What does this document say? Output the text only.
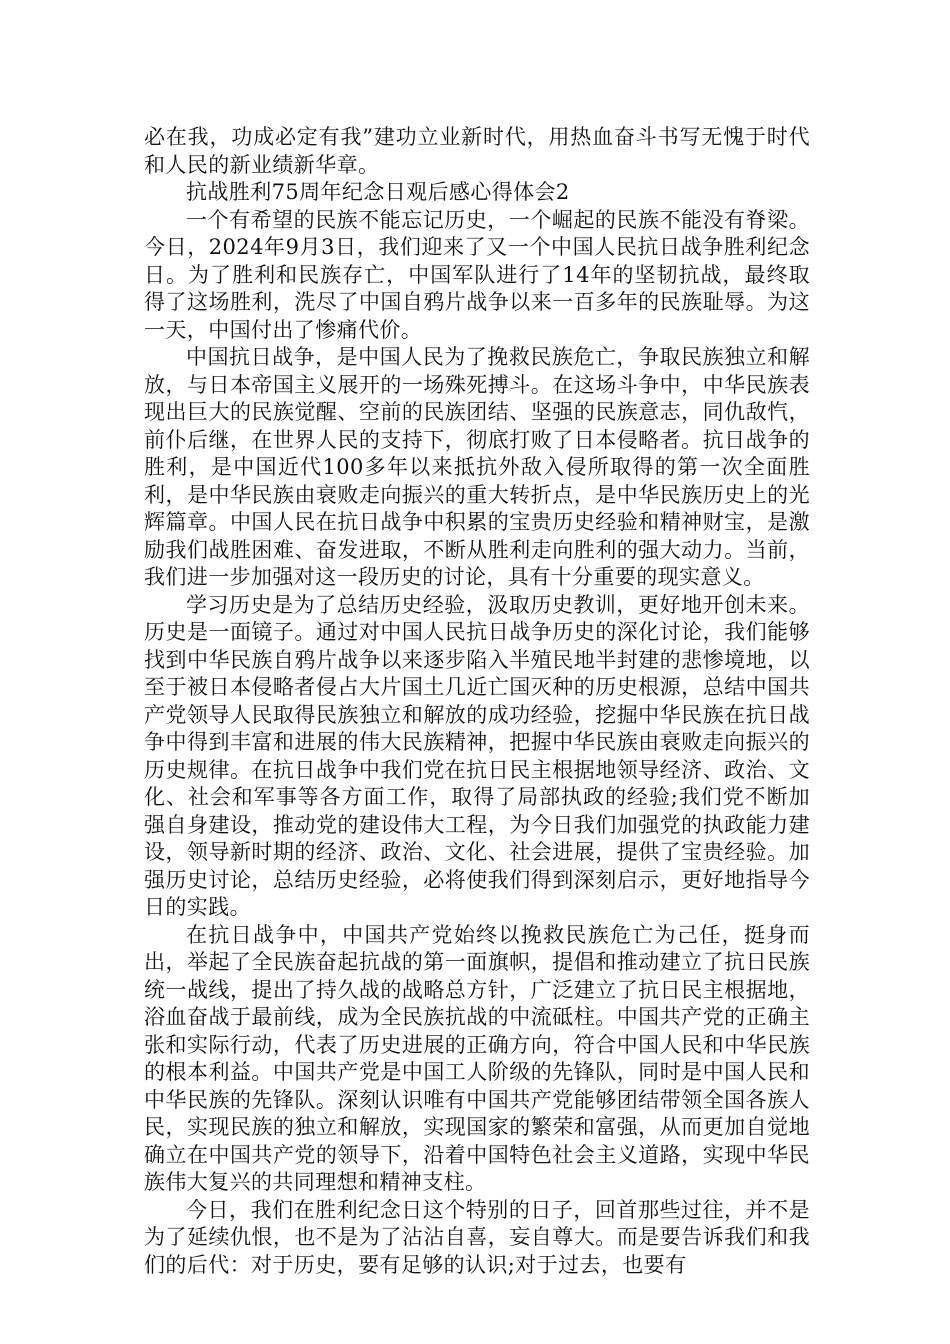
必在我，功成必定有我”建功立业新时代，用热血奋斗书写无愧于时代和人民的新业绩新华章。

抗战胜利75周年纪念日观后感心得体会2

一个有希望的民族不能忘记历史，一个崛起的民族不能没有脊梁。今日，2024年9月3日，我们迎来了又一个中国人民抗日战争胜利纪念日。为了胜利和民族存亡，中国军队进行了14年的坚韧抗战，最终取得了这场胜利，洗尽了中国自鸦片战争以来一百多年的民族耻辱。为这一天，中国付出了惨痛代价。

中国抗日战争，是中国人民为了挽救民族危亡，争取民族独立和解放，与日本帝国主义展开的一场殊死搏斗。在这场斗争中，中华民族表现出巨大的民族觉醒、空前的民族团结、坚强的民族意志，同仇敌忾，前仆后继，在世界人民的支持下，彻底打败了日本侵略者。抗日战争的胜利，是中国近代100多年以来抵抗外敌入侵所取得的第一次全面胜利，是中华民族由衰败走向振兴的重大转折点，是中华民族历史上的光辉篇章。中国人民在抗日战争中积累的宝贵历史经验和精神财宝，是激励我们战胜困难、奋发进取，不断从胜利走向胜利的强大动力。当前，我们进一步加强对这一段历史的讨论，具有十分重要的现实意义。

学习历史是为了总结历史经验，汲取历史教训，更好地开创未来。历史是一面镜子。通过对中国人民抗日战争历史的深化讨论，我们能够找到中华民族自鸦片战争以来逐步陷入半殖民地半封建的悲惨境地，以至于被日本侵略者侵占大片国土几近亡国灭种的历史根源，总结中国共产党领导人民取得民族独立和解放的成功经验，挖掘中华民族在抗日战争中得到丰富和进展的伟大民族精神，把握中华民族由衰败走向振兴的历史规律。在抗日战争中我们党在抗日民主根据地领导经济、政治、文化、社会和军事等各方面工作，取得了局部执政的经验;我们党不断加强自身建设，推动党的建设伟大工程，为今日我们加强党的执政能力建设，领导新时期的经济、政治、文化、社会进展，提供了宝贵经验。加强历史讨论，总结历史经验，必将使我们得到深刻启示，更好地指导今日的实践。

在抗日战争中，中国共产党始终以挽救民族危亡为己任，挺身而出，举起了全民族奋起抗战的第一面旗帜，提倡和推动建立了抗日民族统一战线，提出了持久战的战略总方针，广泛建立了抗日民主根据地，浴血奋战于最前线，成为全民族抗战的中流砥柱。中国共产党的正确主张和实际行动，代表了历史进展的正确方向，符合中国人民和中华民族的根本利益。中国共产党是中国工人阶级的先锋队，同时是中国人民和中华民族的先锋队。深刻认识唯有中国共产党能够团结带领全国各族人民，实现民族的独立和解放，实现国家的繁荣和富强，从而更加自觉地确立在中国共产党的领导下，沿着中国特色社会主义道路，实现中华民族伟大复兴的共同理想和精神支柱。

今日，我们在胜利纪念日这个特别的日子，回首那些过往，并不是为了延续仇恨，也不是为了沾沾自喜，妄自尊大。而是要告诉我们和我们的后代：对于历史，要有足够的认识;对于过去，也要有
